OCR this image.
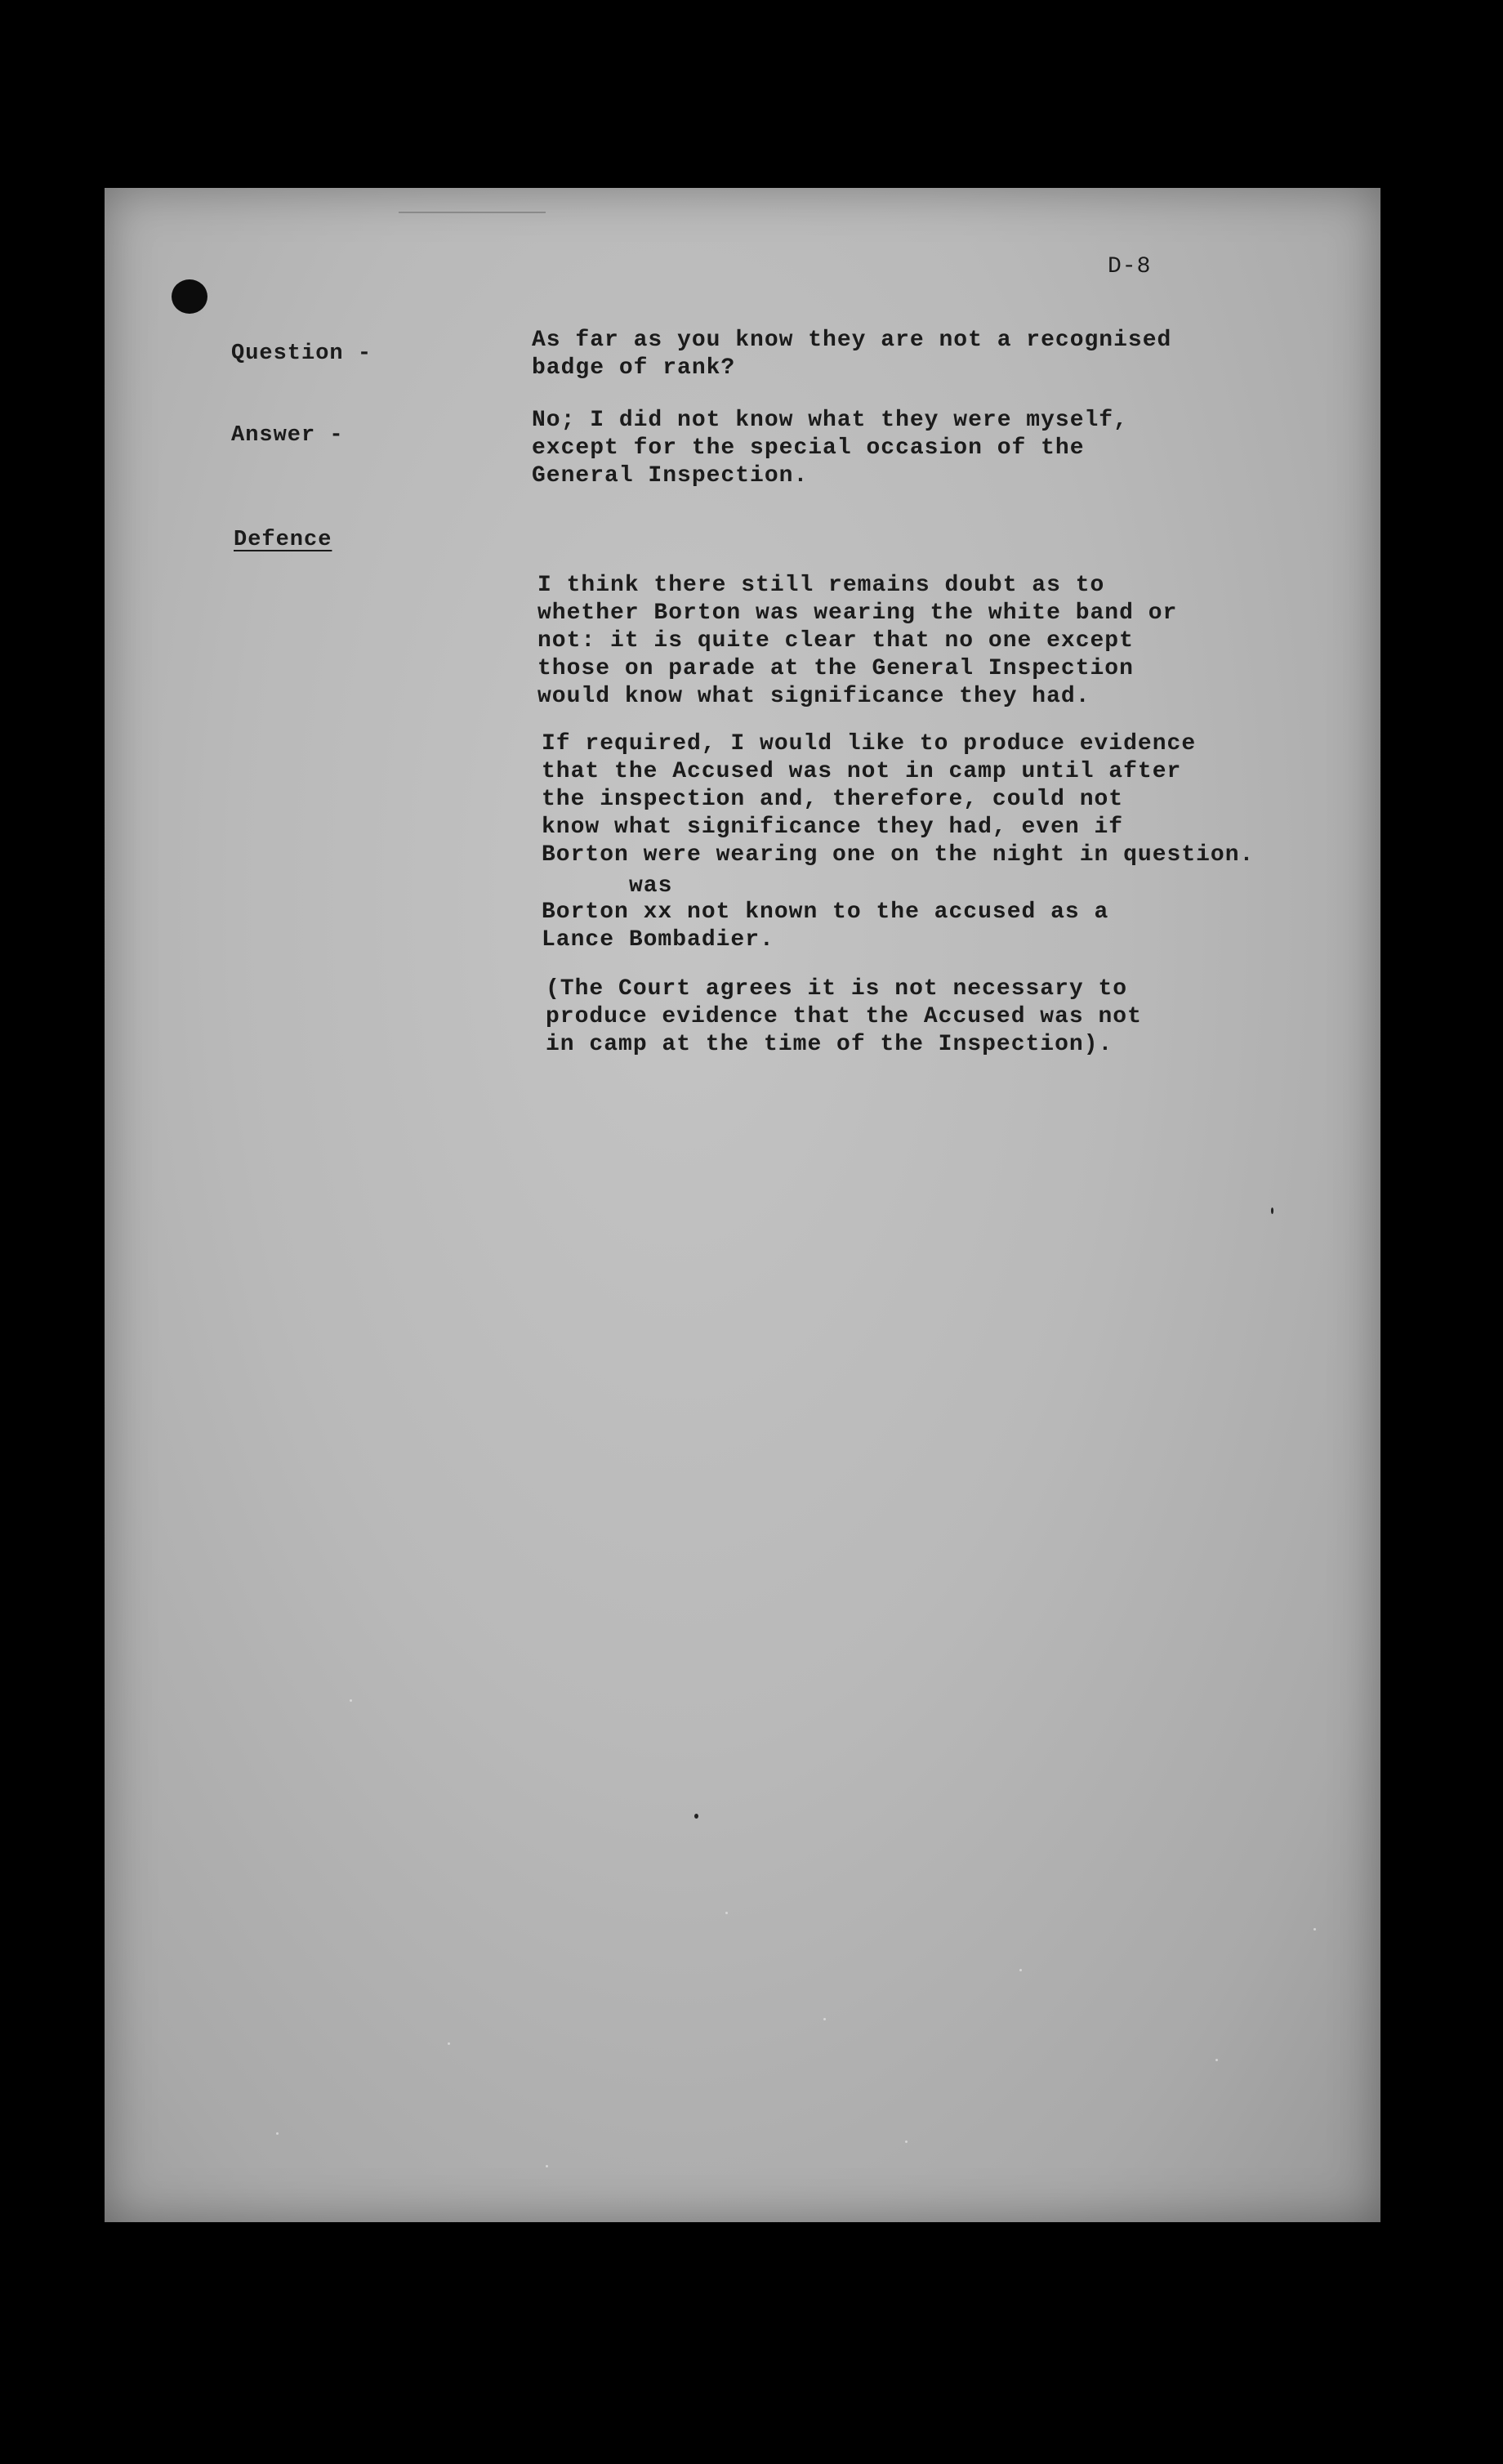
D-8
Question -
As far as you know they are not a recognised
badge of rank?
Answer -
No; I did not know what they were myself,
except for the special occasion of the
General Inspection.
Defence
I think there still remains doubt as to
whether Borton was wearing the white band or
not: it is quite clear that no one except
those on parade at the General Inspection
would know what significance they had.
If required, I would like to produce evidence
that the Accused was not in camp until after
the inspection and, therefore, could not
know what significance they had, even if
Borton were wearing one on the night in question.
was
Borton xx not known to the accused as a
Lance Bombadier.
(The Court agrees it is not necessary to
produce evidence that the Accused was not
in camp at the time of the Inspection).
